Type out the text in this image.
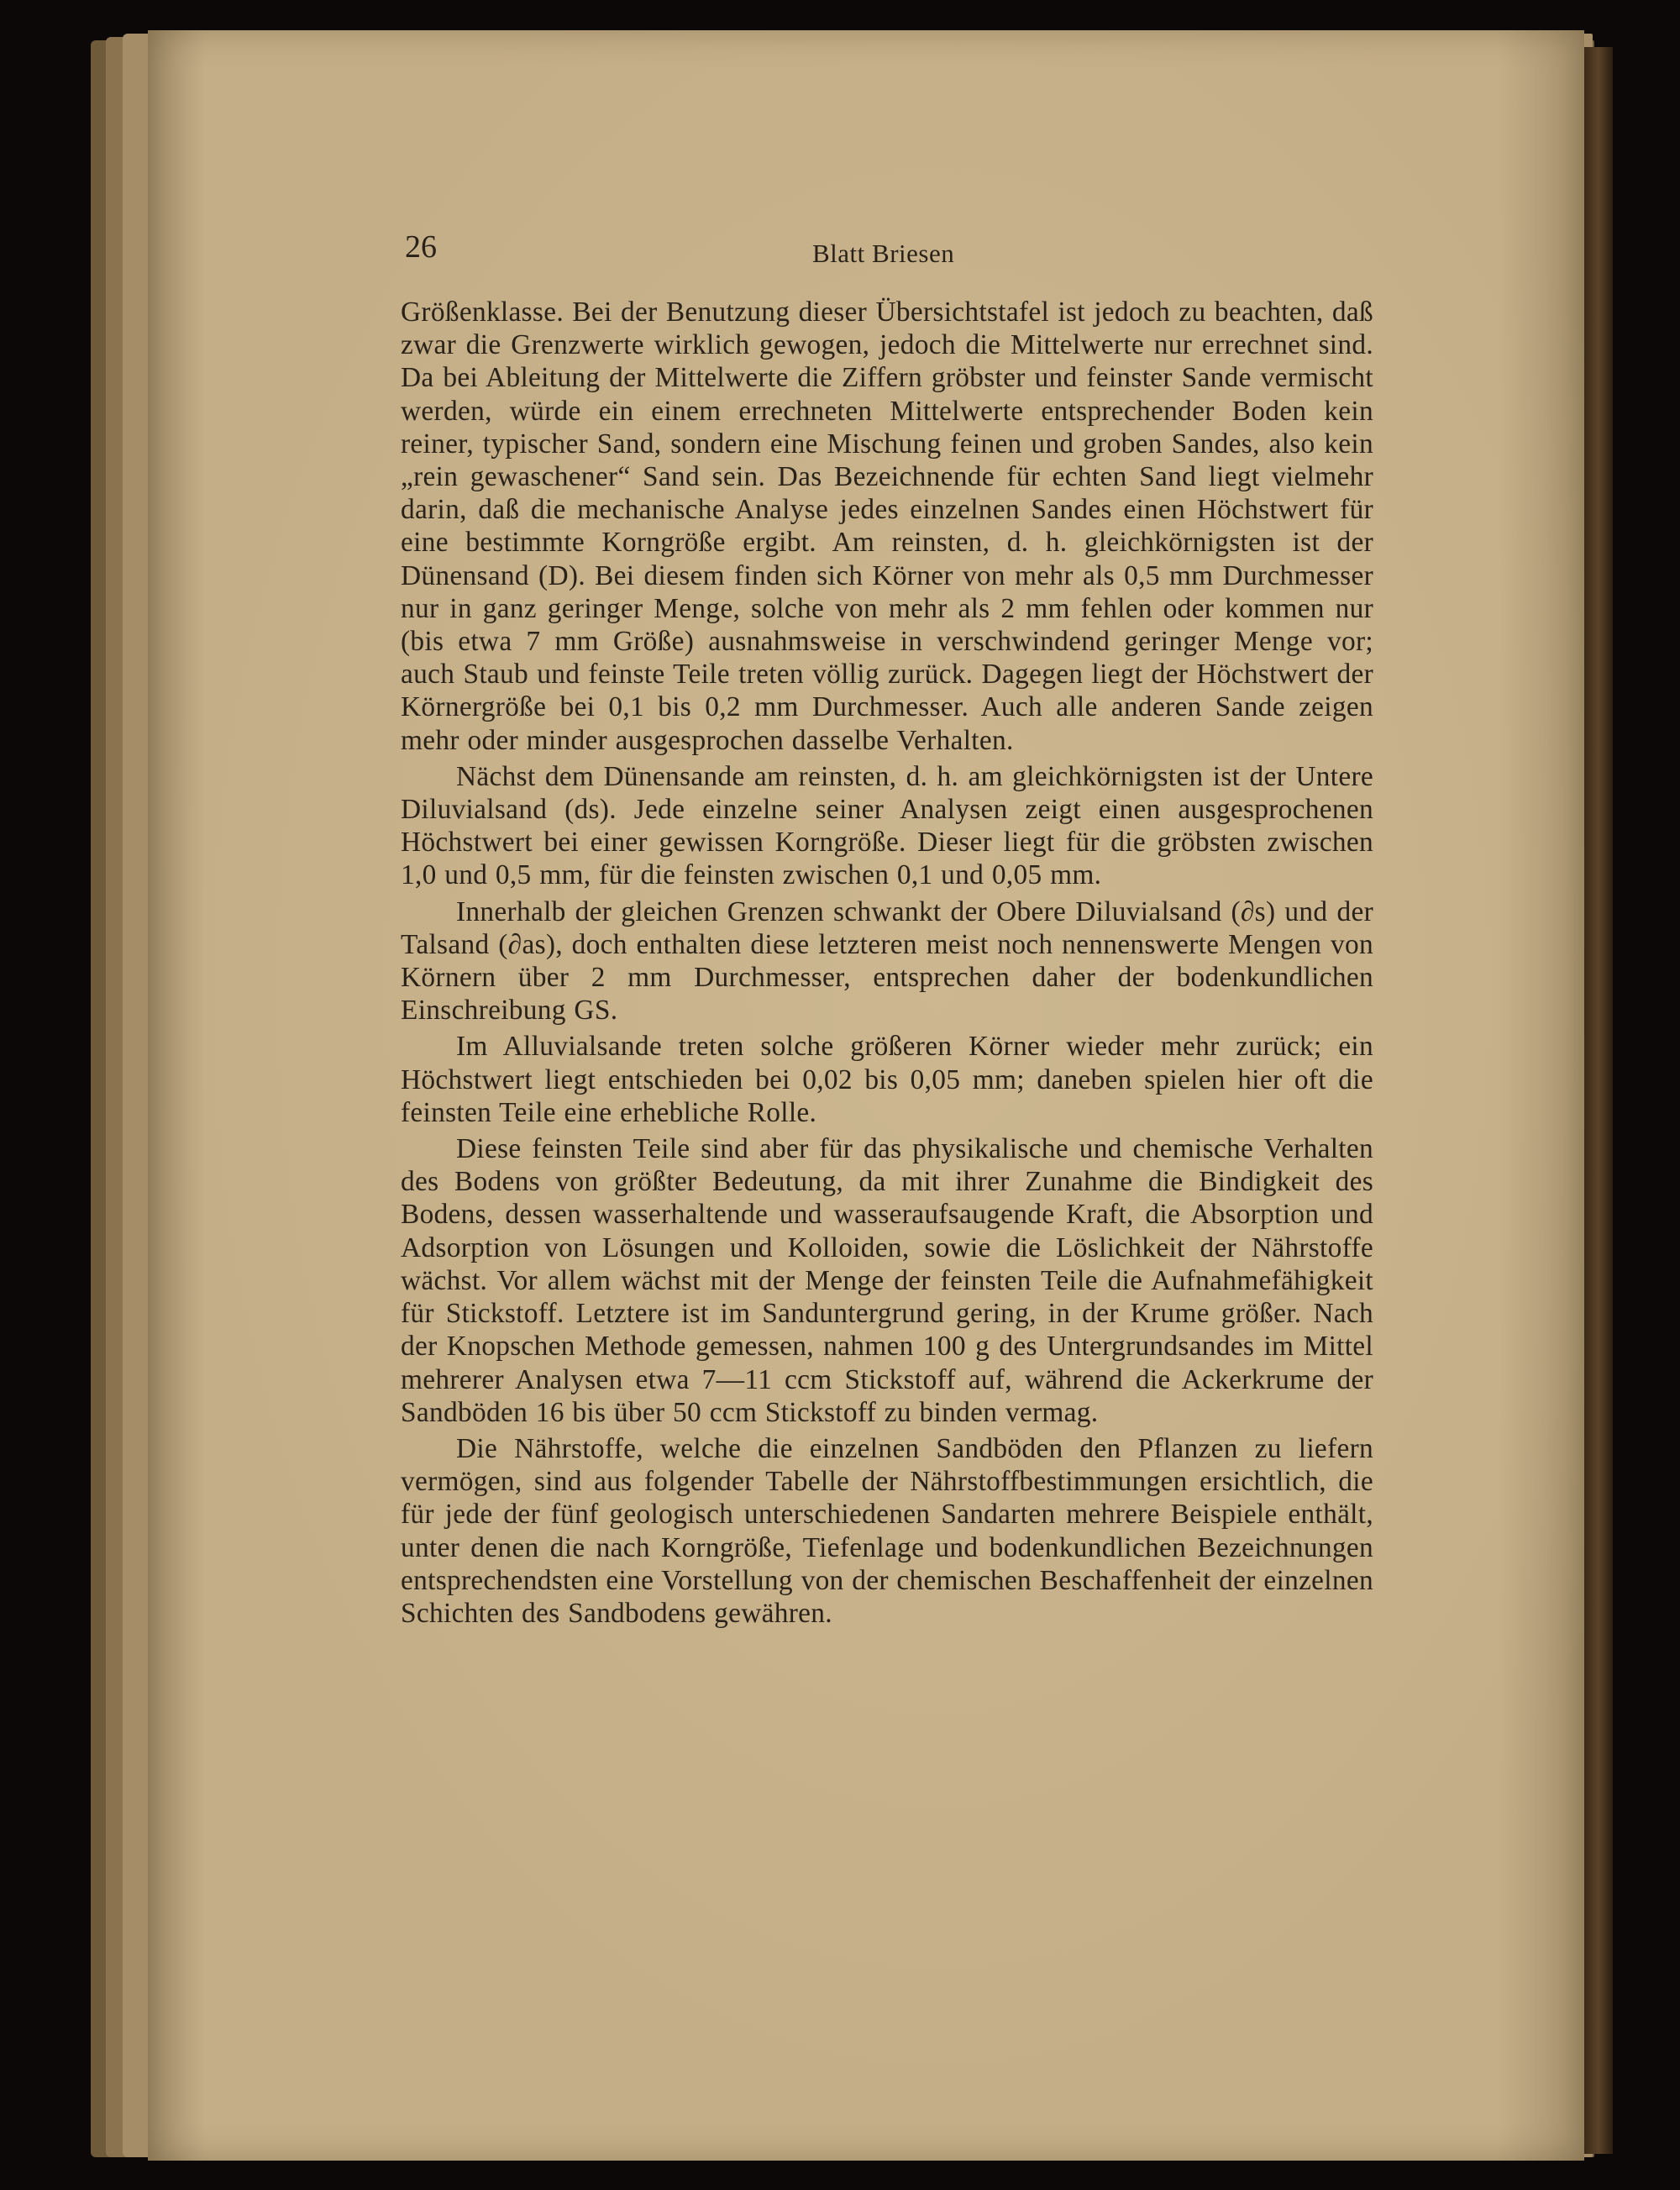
26	Blatt Briesen

Größenklasse. Bei der Benutzung dieser Übersichtstafel ist jedoch zu beachten, daß zwar die Grenzwerte wirklich gewogen, jedoch die Mittelwerte nur errechnet sind. Da bei Ableitung der Mittelwerte die Ziffern gröbster und feinster Sande vermischt werden, würde ein einem errechneten Mittelwerte entsprechender Boden kein reiner, typischer Sand, sondern eine Mischung feinen und groben Sandes, also kein „rein gewaschener“ Sand sein. Das Bezeichnende für echten Sand liegt vielmehr darin, daß die mechanische Analyse jedes einzelnen Sandes einen Höchstwert für eine bestimmte Korngröße ergibt. Am reinsten, d. h. gleichkörnigsten ist der Dünensand (D). Bei diesem finden sich Körner von mehr als 0,5 mm Durchmesser nur in ganz geringer Menge, solche von mehr als 2 mm fehlen oder kommen nur (bis etwa 7 mm Größe) ausnahmsweise in verschwindend geringer Menge vor; auch Staub und feinste Teile treten völlig zurück. Dagegen liegt der Höchstwert der Körnergröße bei 0,1 bis 0,2 mm Durchmesser. Auch alle anderen Sande zeigen mehr oder minder ausgesprochen dasselbe Verhalten.

Nächst dem Dünensande am reinsten, d. h. am gleichkörnigsten ist der Untere Diluvialsand (ds). Jede einzelne seiner Analysen zeigt einen ausgesprochenen Höchstwert bei einer gewissen Korngröße. Dieser liegt für die gröbsten zwischen 1,0 und 0,5 mm, für die feinsten zwischen 0,1 und 0,05 mm.

Innerhalb der gleichen Grenzen schwankt der Obere Diluvialsand (∂s) und der Talsand (∂as), doch enthalten diese letzteren meist noch nennenswerte Mengen von Körnern über 2 mm Durchmesser, entsprechen daher der bodenkundlichen Einschreibung GS.

Im Alluvialsande treten solche größeren Körner wieder mehr zurück; ein Höchstwert liegt entschieden bei 0,02 bis 0,05 mm; daneben spielen hier oft die feinsten Teile eine erhebliche Rolle.

Diese feinsten Teile sind aber für das physikalische und chemische Verhalten des Bodens von größter Bedeutung, da mit ihrer Zunahme die Bindigkeit des Bodens, dessen wasserhaltende und wasseraufsaugende Kraft, die Absorption und Adsorption von Lösungen und Kolloiden, sowie die Löslichkeit der Nährstoffe wächst. Vor allem wächst mit der Menge der feinsten Teile die Aufnahmefähigkeit für Stickstoff. Letztere ist im Sanduntergrund gering, in der Krume größer. Nach der Knopschen Methode gemessen, nahmen 100 g des Untergrundsandes im Mittel mehrerer Analysen etwa 7—11 ccm Stickstoff auf, während die Ackerkrume der Sandböden 16 bis über 50 ccm Stickstoff zu binden vermag.

Die Nährstoffe, welche die einzelnen Sandböden den Pflanzen zu liefern vermögen, sind aus folgender Tabelle der Nährstoffbestimmungen ersichtlich, die für jede der fünf geologisch unterschiedenen Sandarten mehrere Beispiele enthält, unter denen die nach Korngröße, Tiefenlage und bodenkundlichen Bezeichnungen entsprechendsten eine Vorstellung von der chemischen Beschaffenheit der einzelnen Schichten des Sandbodens gewähren.
